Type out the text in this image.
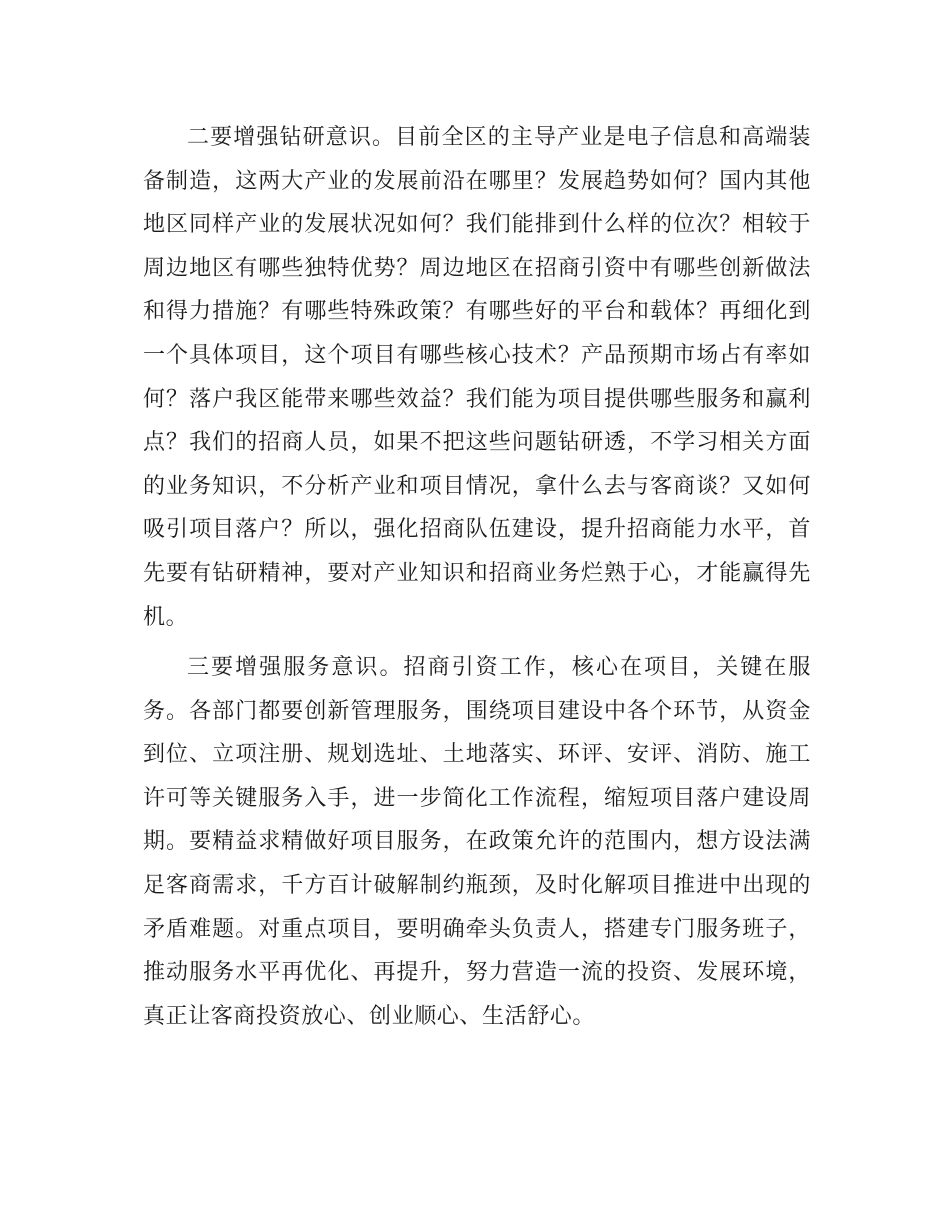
二要增强钻研意识。目前全区的主导产业是电子信息和高端装备制造，这两大产业的发展前沿在哪里？发展趋势如何？国内其他地区同样产业的发展状况如何？我们能排到什么样的位次？相较于周边地区有哪些独特优势？周边地区在招商引资中有哪些创新做法和得力措施？有哪些特殊政策？有哪些好的平台和载体？再细化到一个具体项目，这个项目有哪些核心技术？产品预期市场占有率如何？落户我区能带来哪些效益？我们能为项目提供哪些服务和赢利点？我们的招商人员，如果不把这些问题钻研透，不学习相关方面的业务知识，不分析产业和项目情况，拿什么去与客商谈？又如何吸引项目落户？所以，强化招商队伍建设，提升招商能力水平，首先要有钻研精神，要对产业知识和招商业务烂熟于心，才能赢得先机。

三要增强服务意识。招商引资工作，核心在项目，关键在服务。各部门都要创新管理服务，围绕项目建设中各个环节，从资金到位、立项注册、规划选址、土地落实、环评、安评、消防、施工许可等关键服务入手，进一步简化工作流程，缩短项目落户建设周期。要精益求精做好项目服务，在政策允许的范围内，想方设法满足客商需求，千方百计破解制约瓶颈，及时化解项目推进中出现的矛盾难题。对重点项目，要明确牵头负责人，搭建专门服务班子，推动服务水平再优化、再提升，努力营造一流的投资、发展环境，真正让客商投资放心、创业顺心、生活舒心。
